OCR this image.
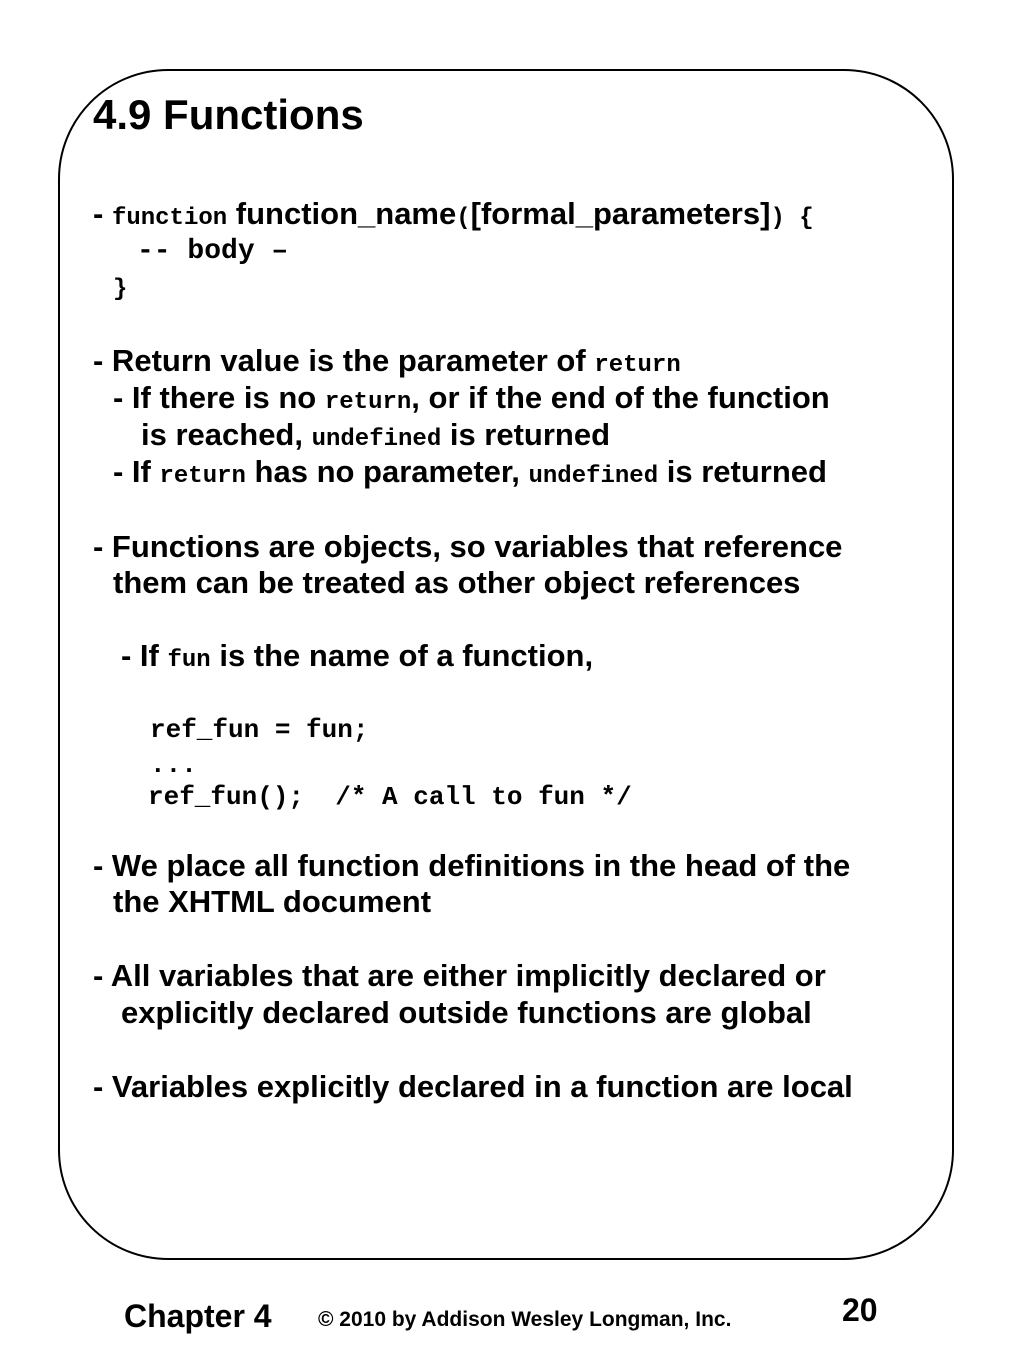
4.9 Functions
- function function_name([formal_parameters]) {
-- body –
}
- Return value is the parameter of return
- If there is no return, or if the end of the function
is reached, undefined is returned
- If return has no parameter, undefined is returned
- Functions are objects, so variables that reference
them can be treated as other object references
- If fun is the name of a function,
ref_fun = fun;
...
ref_fun();  /* A call to fun */
- We place all function definitions in the head of the
the XHTML document
- All variables that are either implicitly declared or
explicitly declared outside functions are global
- Variables explicitly declared in a function are local
Chapter 4 © 2010 by Addison Wesley Longman, Inc.	20
